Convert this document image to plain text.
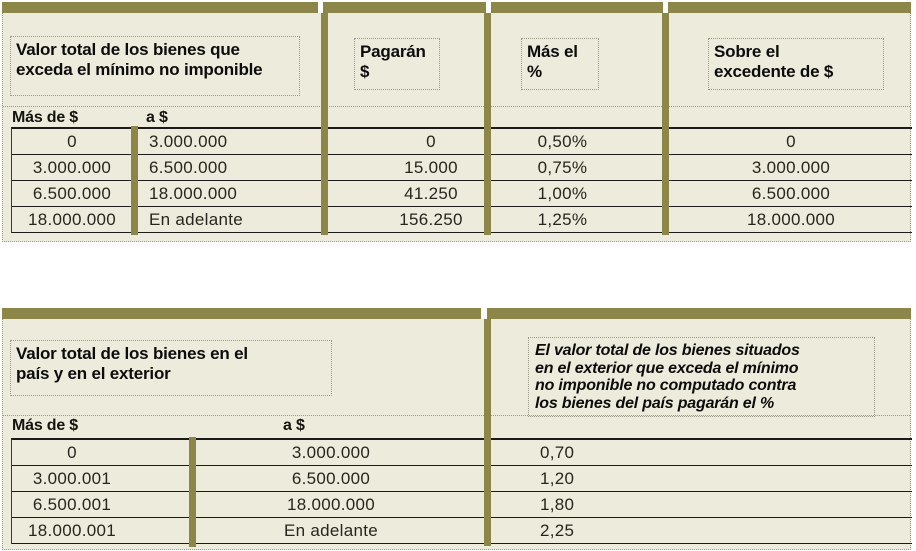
Valor total de los bienes que
exceda el mínimo no imponible
Pagarán
$
Más el
%
Sobre el
excedente de $
Más de $	a $
0	3.000.000	0	0,50%	0
3.000.000	6.500.000	15.000	0,75%	3.000.000
6.500.000	18.000.000	41.250	1,00%	6.500.000
18.000.000	En adelante	156.250	1,25%	18.000.000
Valor total de los bienes en el
país y en el exterior
El valor total de los bienes situados
en el exterior que exceda el mínimo
no imponible no computado contra
los bienes del país pagarán el %
Más de $	a $
0	3.000.000	0,70
3.000.001	6.500.000	1,20
6.500.001	18.000.000	1,80
18.000.001	En adelante	2,25
